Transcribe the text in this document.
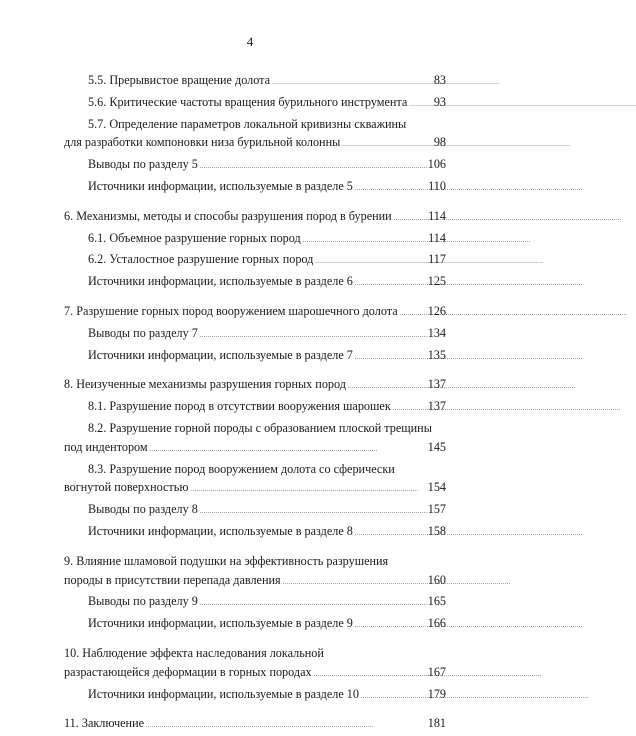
4
5.5. Прерывистое вращение долота . . .	83
5.6. Критические частоты вращения бурильного инструмента . . . 93
5.7. Определение параметров локальной кривизны скважины
для разработки компоновки низа бурильной колонны . . .	98
Выводы по разделу 5 . . .	106
Источники информации, используемые в разделе 5 . . .	110
6. Механизмы, методы и способы разрушения пород в бурении . . .	114
6.1. Объемное разрушение горных пород . . .	114
6.2. Усталостное разрушение горных пород . . .	117
Источники информации, используемые в разделе 6 . . .	125
7. Разрушение горных пород вооружением шарошечного долота . . . 126
Выводы по разделу 7 . . .	134
Источники информации, используемые в разделе 7 . . .	135
8. Неизученные механизмы разрушения горных пород . . .	137
8.1. Разрушение пород в отсутствии вооружения шарошек . . .	137
8.2. Разрушение горной породы с образованием плоской трещины
под индентором . . .	145
8.3. Разрушение пород вооружением долота со сферически
вогнутой поверхностью . . .	154
Выводы по разделу 8 . . .	157
Источники информации, используемые в разделе 8 . . .	158
9. Влияние шламовой подушки на эффективность разрушения
породы в присутствии перепада давления . . .	160
Выводы по разделу 9 . . .	165
Источники информации, используемые в разделе 9 . . .	166
10. Наблюдение эффекта наследования локальной
разрастающейся деформации в горных породах . . .	167
Источники информации, используемые в разделе 10 . . .	179
11. Заключение . . .	181
